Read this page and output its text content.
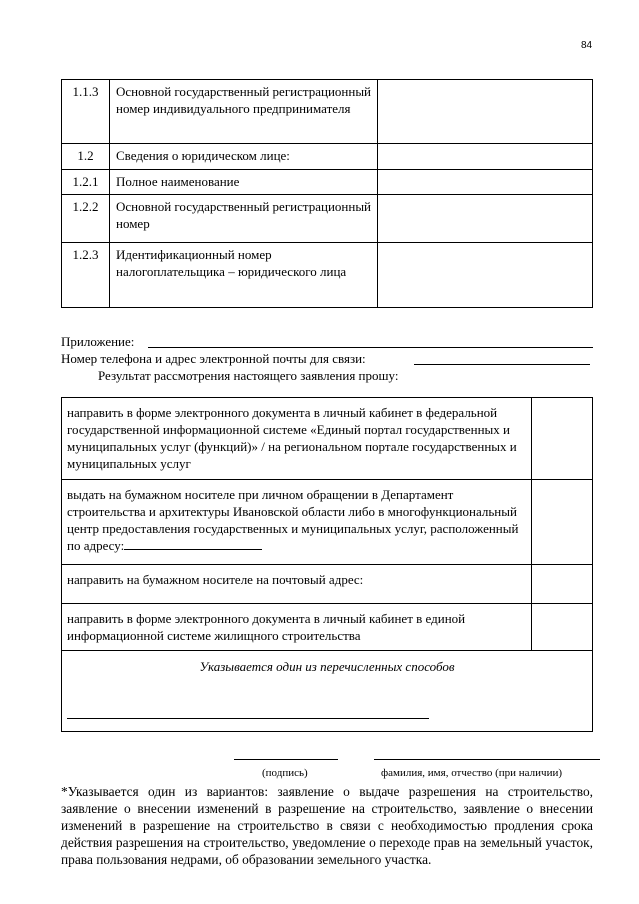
84
1.1.3	Основной государственный регистрационный номер индивидуального предпринимателя	
1.2	Сведения о юридическом лице:	
1.2.1	Полное наименование	
1.2.2	Основной государственный регистрационный номер	
1.2.3	Идентификационный номер налогоплательщика – юридического лица	
Приложение:
Номер телефона и адрес электронной почты для связи:
Результат рассмотрения настоящего заявления прошу:
направить в форме электронного документа в личный кабинет в федеральной государственной информационной системе «Единый портал государственных и муниципальных услуг (функций)» / на региональном портале государственных и муниципальных услуг	
выдать на бумажном носителе при личном обращении в Департамент строительства и архитектуры Ивановской области либо в многофункциональный центр предоставления государственных и муниципальных услуг, расположенный по адресу:	
направить на бумажном носителе на почтовый адрес:	
направить в форме электронного документа в личный кабинет в единой информационной системе жилищного строительства	

Указывается один из перечисленных способов	
(подпись)	фамилия, имя, отчество (при наличии)
*Указывается один из вариантов: заявление о выдаче разрешения на строительство, заявление о внесении изменений в разрешение на строительство, заявление о внесении изменений в разрешение на строительство в связи с необходимостью продления срока действия разрешения на строительство, уведомление о переходе прав на земельный участок, права пользования недрами, об образовании земельного участка.
